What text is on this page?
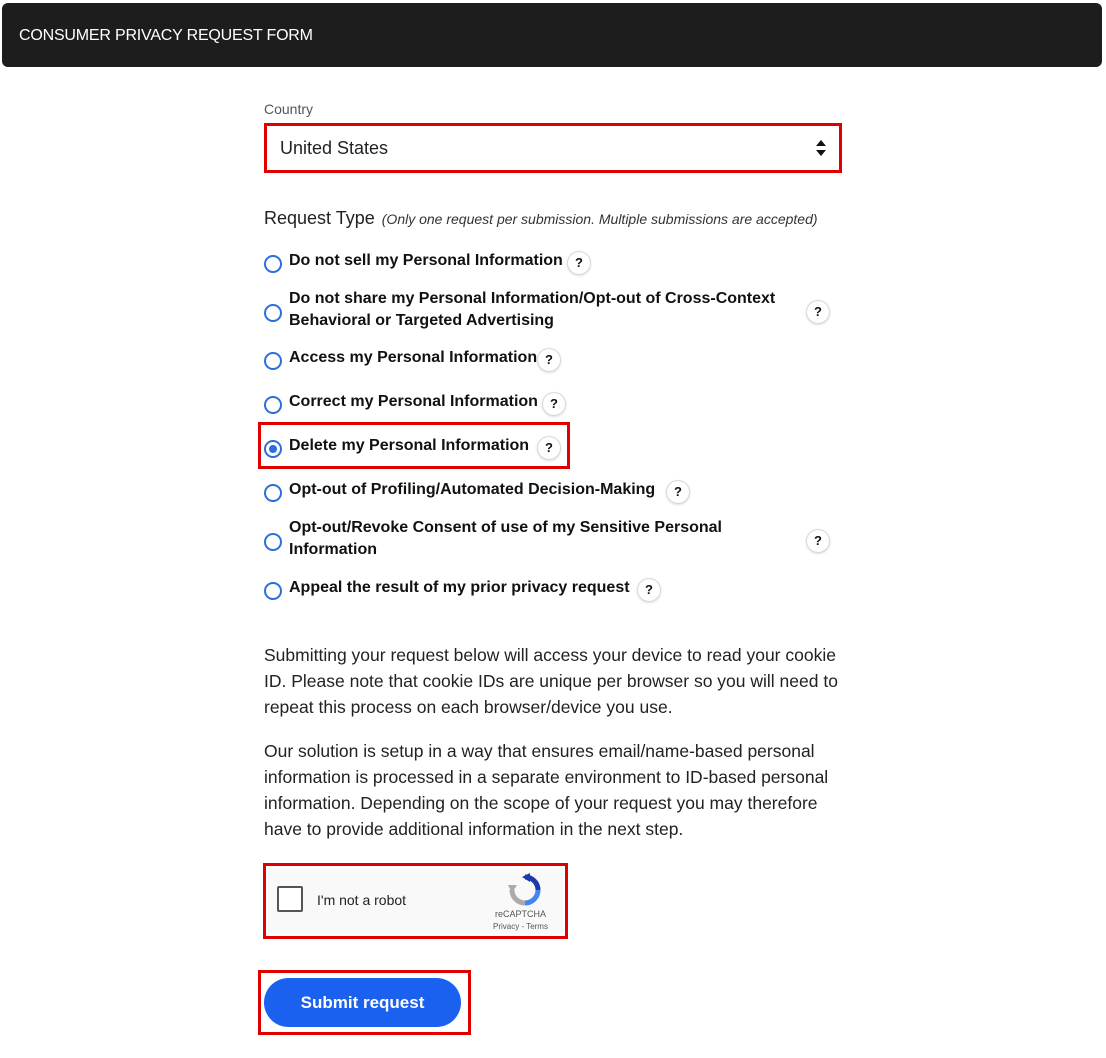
CONSUMER PRIVACY REQUEST FORM
Country
United States
Request Type (Only one request per submission. Multiple submissions are accepted)
Do not sell my Personal Information ?
Do not share my Personal Information/Opt-out of Cross-Context Behavioral or Targeted Advertising
?
Access my Personal Information ?
Correct my Personal Information ?
Delete my Personal Information	?
Opt-out of Profiling/Automated Decision-Making	?
Opt-out/Revoke Consent of use of my Sensitive Personal Information
?
Appeal the result of my prior privacy request	?

Submitting your request below will access your device to read your cookie ID. Please note that cookie IDs are unique per browser so you will need to repeat this process on each browser/device you use.

Our solution is setup in a way that ensures email/name-based personal information is processed in a separate environment to ID-based personal information. Depending on the scope of your request you may therefore have to provide additional information in the next step.

I'm not a robot
reCAPTCHA
Privacy - Terms
Submit request
